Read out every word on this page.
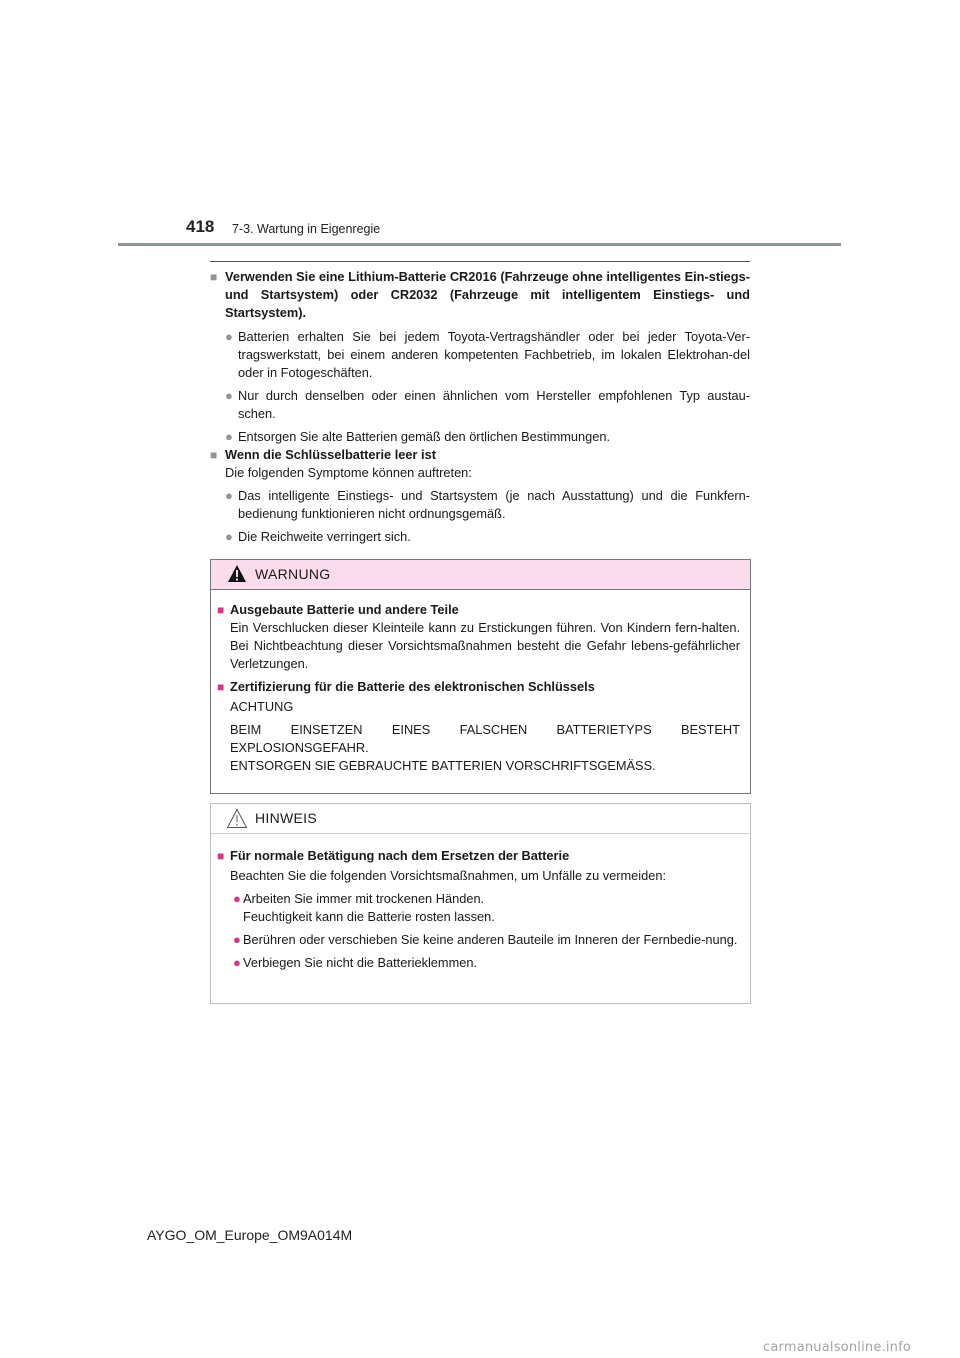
418 7-3. Wartung in Eigenregie
■ Verwenden Sie eine Lithium-Batterie CR2016 (Fahrzeuge ohne intelligentes Ein-stiegs- und Startsystem) oder CR2032 (Fahrzeuge mit intelligentem Einstiegs- und Startsystem).
● Batterien erhalten Sie bei jedem Toyota-Vertragshändler oder bei jeder Toyota-Ver-tragswerkstatt, bei einem anderen kompetenten Fachbetrieb, im lokalen Elektrohan-del oder in Fotogeschäften.
● Nur durch denselben oder einen ähnlichen vom Hersteller empfohlenen Typ austau-schen.
● Entsorgen Sie alte Batterien gemäß den örtlichen Bestimmungen.
■ Wenn die Schlüsselbatterie leer ist
Die folgenden Symptome können auftreten:
● Das intelligente Einstiegs- und Startsystem (je nach Ausstattung) und die Funkfern-bedienung funktionieren nicht ordnungsgemäß.
● Die Reichweite verringert sich.
WARNUNG
■ Ausgebaute Batterie und andere Teile
Ein Verschlucken dieser Kleinteile kann zu Erstickungen führen. Von Kindern fern-halten. Bei Nichtbeachtung dieser Vorsichtsmaßnahmen besteht die Gefahr lebens-gefährlicher Verletzungen.
■ Zertifizierung für die Batterie des elektronischen Schlüssels
ACHTUNG
BEIM EINSETZEN EINES FALSCHEN BATTERIETYPS BESTEHT EXPLOSIONSGEFAHR.
ENTSORGEN SIE GEBRAUCHTE BATTERIEN VORSCHRIFTSGEMÄSS.
HINWEIS
■ Für normale Betätigung nach dem Ersetzen der Batterie
Beachten Sie die folgenden Vorsichtsmaßnahmen, um Unfälle zu vermeiden:
● Arbeiten Sie immer mit trockenen Händen.
Feuchtigkeit kann die Batterie rosten lassen.
● Berühren oder verschieben Sie keine anderen Bauteile im Inneren der Fernbedie-nung.
● Verbiegen Sie nicht die Batterieklemmen.
AYGO_OM_Europe_OM9A014M
carmanualsonline.info
